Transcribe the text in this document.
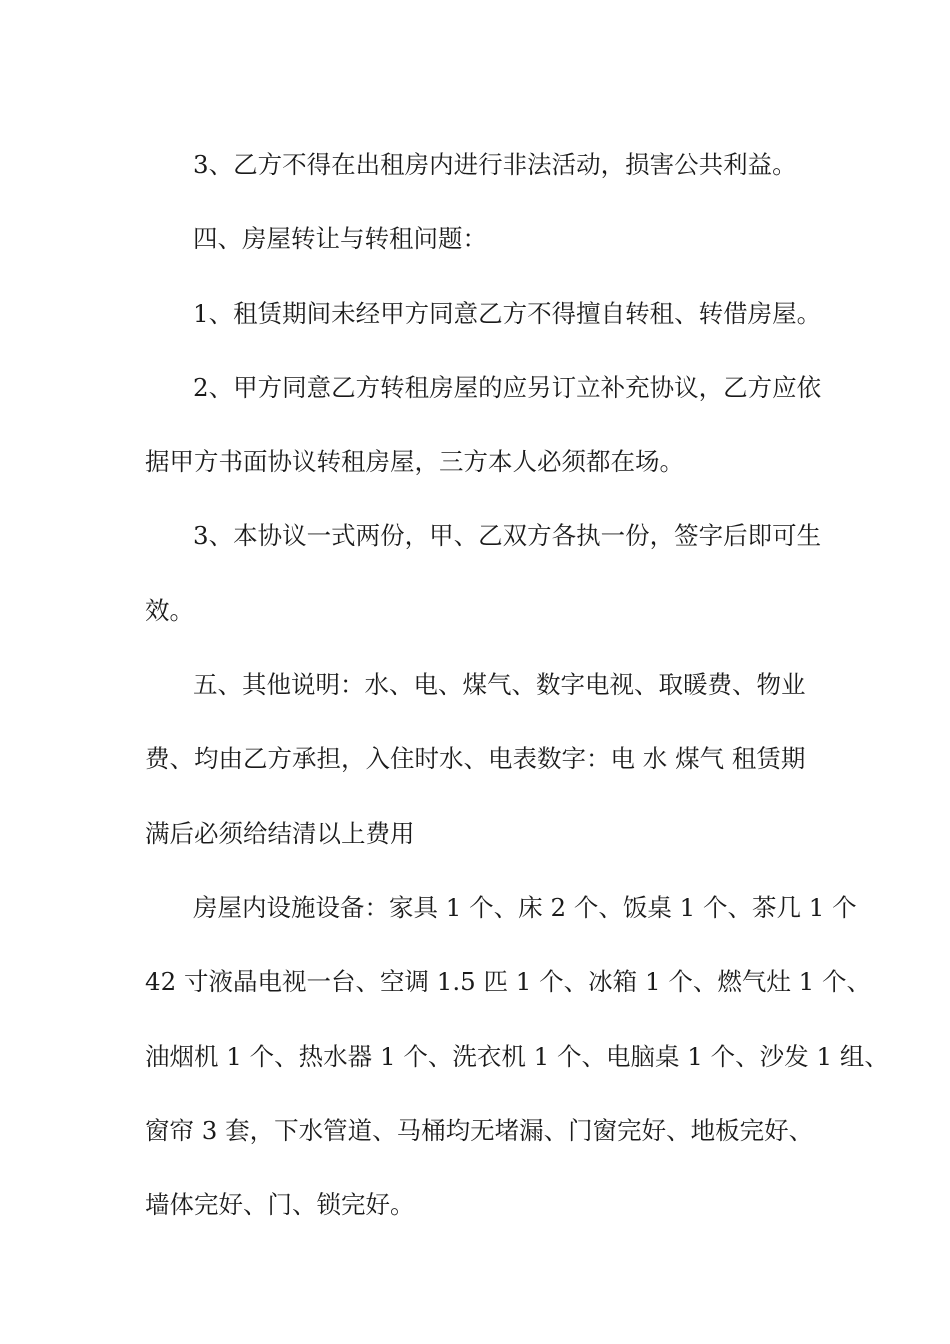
3、乙方不得在出租房内进行非法活动，损害公共利益。

四、房屋转让与转租问题：

1、租赁期间未经甲方同意乙方不得擅自转租、转借房屋。

2、甲方同意乙方转租房屋的应另订立补充协议，乙方应依

据甲方书面协议转租房屋，三方本人必须都在场。

3、本协议一式两份，甲、乙双方各执一份，签字后即可生

效。

五、其他说明：水、电、煤气、数字电视、取暖费、物业

费、均由乙方承担，入住时水、电表数字：电 水 煤气 租赁期

满后必须给结清以上费用

房屋内设施设备：家具 1 个、床 2 个、饭桌 1 个、茶几 1 个

42 寸液晶电视一台、空调 1.5 匹 1 个、冰箱 1 个、燃气灶 1 个、

油烟机 1 个、热水器 1 个、洗衣机 1 个、电脑桌 1 个、沙发 1 组、

窗帘 3 套，下水管道、马桶均无堵漏、门窗完好、地板完好、

墙体完好、门、锁完好。
